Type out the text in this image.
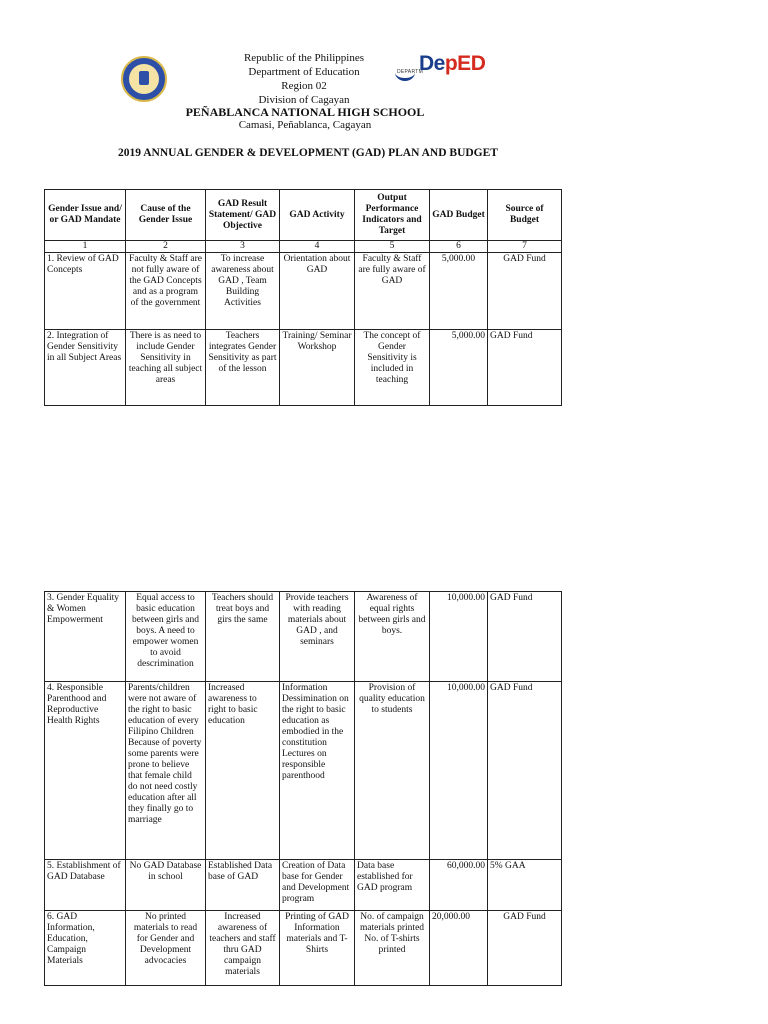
Republic of the Philippines
Department of Education
Region 02
Division of Cagayan
DEPARTM
DepED
PEÑABLANCA NATIONAL HIGH SCHOOL
Camasi, Peñablanca, Cagayan
2019 ANNUAL GENDER & DEVELOPMENT (GAD) PLAN AND BUDGET
Gender Issue and/ or GAD Mandate	Cause of the Gender Issue	GAD Result Statement/ GAD Objective	GAD Activity	Output Performance Indicators and Target	GAD Budget	Source of Budget
1	2	3	4	5	6	7
1. Review of GAD Concepts	Faculty & Staff are not fully aware of the GAD Concepts and as a program of the government	To increase awareness about GAD , Team Building Activities	Orientation about GAD	Faculty & Staff are fully aware of GAD	5,000.00	GAD Fund
2. Integration of Gender Sensitivity in all Subject Areas	There is as need to include Gender Sensitivity in teaching all subject areas	Teachers integrates Gender Sensitivity as part of the lesson	Training/ Seminar Workshop	The concept of Gender Sensitivity is included in teaching	5,000.00	GAD Fund
3. Gender Equality & Women Empowerment	Equal access to basic education between girls and boys. A need to empower women to avoid descrimination	Teachers should treat boys and girs the same	Provide teachers with reading materials about GAD , and seminars	Awareness of equal rights between girls and boys.	10,000.00	GAD Fund
4. Responsible Parenthood and Reproductive Health Rights	Parents/children were not aware of the right to basic education of every Filipino Children Because of poverty some parents were prone to believe that female child do not need costly education after all they finally go to marriage	Increased awareness to right to basic education	Information Dessimination on the right to basic education as embodied in the constitution Lectures on responsible parenthood	Provision of quality education to students	10,000.00	GAD Fund
5. Establishment of GAD Database	No GAD Database in school	Established Data base of GAD	Creation of Data base for Gender and Development program	Data base established for GAD program	60,000.00	5% GAA
6. GAD Information, Education, Campaign Materials	No printed materials to read for Gender and Development advocacies	Increased awareness of teachers and staff thru GAD campaign materials	Printing of GAD Information materials and T-Shirts	No. of campaign materials printed No. of T-shirts printed	20,000.00	GAD Fund
